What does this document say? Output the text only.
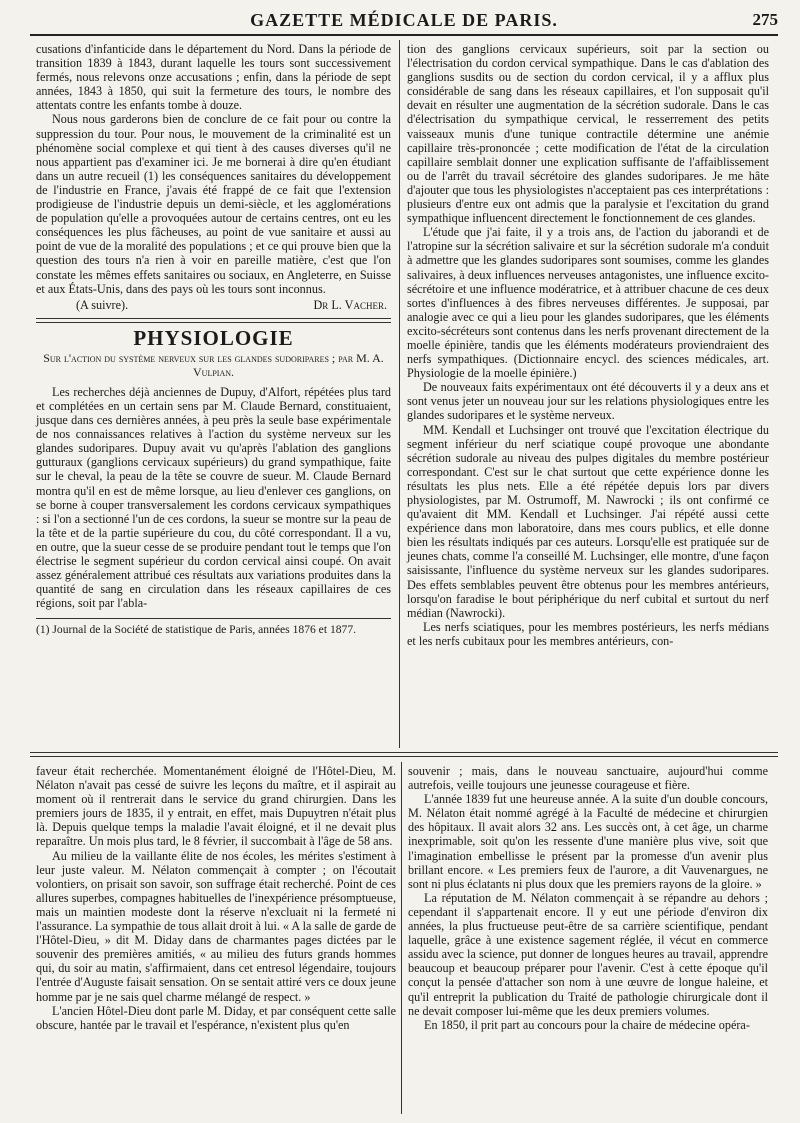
GAZETTE MÉDICALE DE PARIS.	275

cusations d'infanticide dans le département du Nord. Dans la période de transition 1839 à 1843, durant laquelle les tours sont successivement fermés, nous relevons onze accusations ; enfin, dans la période de sept années, 1843 à 1850, qui suit la fermeture des tours, le nombre des attentats contre les enfants tombe à douze.

Nous nous garderons bien de conclure de ce fait pour ou contre la suppression du tour. Pour nous, le mouvement de la criminalité est un phénomène social complexe et qui tient à des causes diverses qu'il ne nous appartient pas d'examiner ici. Je me bornerai à dire qu'en étudiant dans un autre recueil (1) les conséquences sanitaires du développement de l'industrie en France, j'avais été frappé de ce fait que l'extension prodigieuse de l'industrie depuis un demi-siècle, et les agglomérations de population qu'elle a provoquées autour de certains centres, ont eu les conséquences les plus fâcheuses, au point de vue sanitaire et aussi au point de vue de la moralité des populations ; et ce qui prouve bien que la question des tours n'a rien à voir en pareille matière, c'est que l'on constate les mêmes effets sanitaires ou sociaux, en Angleterre, en Suisse et aux États-Unis, dans des pays où les tours sont inconnus.

(A suivre).	Dr L. Vacher.
PHYSIOLOGIE
Sur l'action du système nerveux sur les glandes sudoripares ; par M. A. Vulpian.

Les recherches déjà anciennes de Dupuy, d'Alfort, répétées plus tard et complétées en un certain sens par M. Claude Bernard, constituaient, jusque dans ces dernières années, à peu près la seule base expérimentale de nos connaissances relatives à l'action du système nerveux sur les glandes sudoripares. Dupuy avait vu qu'après l'ablation des ganglions gutturaux (ganglions cervicaux supérieurs) du grand sympathique, faite sur le cheval, la peau de la tête se couvre de sueur. M. Claude Bernard montra qu'il en est de même lorsque, au lieu d'enlever ces ganglions, on se borne à couper transversalement les cordons cervicaux sympathiques : si l'on a sectionné l'un de ces cordons, la sueur se montre sur la peau de la tête et de la partie supérieure du cou, du côté correspondant. Il a vu, en outre, que la sueur cesse de se produire pendant tout le temps que l'on électrise le segment supérieur du cordon cervical ainsi coupé. On avait assez généralement attribué ces résultats aux variations produites dans la quantité de sang en circulation dans les réseaux capillaires de ces régions, soit par l'abla-

(1) Journal de la Société de statistique de Paris, années 1876 et 1877.

tion des ganglions cervicaux supérieurs, soit par la section ou l'électrisation du cordon cervical sympathique. Dans le cas d'ablation des ganglions susdits ou de section du cordon cervical, il y a afflux plus considérable de sang dans les réseaux capillaires, et l'on supposait qu'il devait en résulter une augmentation de la sécrétion sudorale. Dans le cas d'électrisation du sympathique cervical, le resserrement des petits vaisseaux munis d'une tunique contractile détermine une anémie capillaire très-prononcée ; cette modification de l'état de la circulation capillaire semblait donner une explication suffisante de l'affaiblissement ou de l'arrêt du travail sécrétoire des glandes sudoripares. Je me hâte d'ajouter que tous les physiologistes n'acceptaient pas ces interprétations : plusieurs d'entre eux ont admis que la paralysie et l'excitation du grand sympathique influencent directement le fonctionnement de ces glandes.

L'étude que j'ai faite, il y a trois ans, de l'action du jaborandi et de l'atropine sur la sécrétion salivaire et sur la sécrétion sudorale m'a conduit à admettre que les glandes sudoripares sont soumises, comme les glandes salivaires, à deux influences nerveuses antagonistes, une influence excito-sécrétoire et une influence modératrice, et à attribuer chacune de ces deux sortes d'influences à des fibres nerveuses différentes. Je supposai, par analogie avec ce qui a lieu pour les glandes sudoripares, que les éléments excito-sécréteurs sont contenus dans les nerfs provenant directement de la moelle épinière, tandis que les éléments modérateurs proviendraient des nerfs sympathiques. (Dictionnaire encycl. des sciences médicales, art. Physiologie de la moelle épinière.)

De nouveaux faits expérimentaux ont été découverts il y a deux ans et sont venus jeter un nouveau jour sur les relations physiologiques entre les glandes sudoripares et le système nerveux.

MM. Kendall et Luchsinger ont trouvé que l'excitation électrique du segment inférieur du nerf sciatique coupé provoque une abondante sécrétion sudorale au niveau des pulpes digitales du membre postérieur correspondant. C'est sur le chat surtout que cette expérience donne les résultats les plus nets. Elle a été répétée depuis lors par divers physiologistes, par M. Ostrumoff, M. Nawrocki ; ils ont confirmé ce qu'avaient dit MM. Kendall et Luchsinger. J'ai répété aussi cette expérience dans mon laboratoire, dans mes cours publics, et elle donne bien les résultats indiqués par ces auteurs. Lorsqu'elle est pratiquée sur de jeunes chats, comme l'a conseillé M. Luchsinger, elle montre, d'une façon saisissante, l'influence du système nerveux sur les glandes sudoripares. Des effets semblables peuvent être obtenus pour les membres antérieurs, lorsqu'on faradise le bout périphérique du nerf cubital et surtout du nerf médian (Nawrocki).

Les nerfs sciatiques, pour les membres postérieurs, les nerfs médians et les nerfs cubitaux pour les membres antérieurs, con-

faveur était recherchée. Momentanément éloigné de l'Hôtel-Dieu, M. Nélaton n'avait pas cessé de suivre les leçons du maître, et il aspirait au moment où il rentrerait dans le service du grand chirurgien. Dans les premiers jours de 1835, il y entrait, en effet, mais Dupuytren n'était plus là. Depuis quelque temps la maladie l'avait éloigné, et il ne devait plus reparaître. Un mois plus tard, le 8 février, il succombait à l'âge de 58 ans.

Au milieu de la vaillante élite de nos écoles, les mérites s'estiment à leur juste valeur. M. Nélaton commençait à compter ; on l'écoutait volontiers, on prisait son savoir, son suffrage était recherché. Point de ces allures superbes, compagnes habituelles de l'inexpérience présomptueuse, mais un maintien modeste dont la réserve n'excluait ni la fermeté ni l'assurance. La sympathie de tous allait droit à lui. « A la salle de garde de l'Hôtel-Dieu, » dit M. Diday dans de charmantes pages dictées par le souvenir des premières amitiés, « au milieu des futurs grands hommes qui, du soir au matin, s'affirmaient, dans cet entresol légendaire, toujours l'entrée d'Auguste faisait sensation. On se sentait attiré vers ce doux jeune homme par je ne sais quel charme mélangé de respect. »

L'ancien Hôtel-Dieu dont parle M. Diday, et par conséquent cette salle obscure, hantée par le travail et l'espérance, n'existent plus qu'en

souvenir ; mais, dans le nouveau sanctuaire, aujourd'hui comme autrefois, veille toujours une jeunesse courageuse et fière.

L'année 1839 fut une heureuse année. A la suite d'un double concours, M. Nélaton était nommé agrégé à la Faculté de médecine et chirurgien des hôpitaux. Il avait alors 32 ans. Les succès ont, à cet âge, un charme inexprimable, soit qu'on les ressente d'une manière plus vive, soit que l'imagination embellisse le présent par la promesse d'un avenir plus brillant encore. « Les premiers feux de l'aurore, a dit Vauvenargues, ne sont ni plus éclatants ni plus doux que les premiers rayons de la gloire. »

La réputation de M. Nélaton commençait à se répandre au dehors ; cependant il s'appartenait encore. Il y eut une période d'environ dix années, la plus fructueuse peut-être de sa carrière scientifique, pendant laquelle, grâce à une existence sagement réglée, il vécut en commerce assidu avec la science, put donner de longues heures au travail, apprendre beaucoup et beaucoup préparer pour l'avenir. C'est à cette époque qu'il conçut la pensée d'attacher son nom à une œuvre de longue haleine, et qu'il entreprit la publication du Traité de pathologie chirurgicale dont il ne devait composer lui-même que les deux premiers volumes.

En 1850, il prit part au concours pour la chaire de médecine opéra-
